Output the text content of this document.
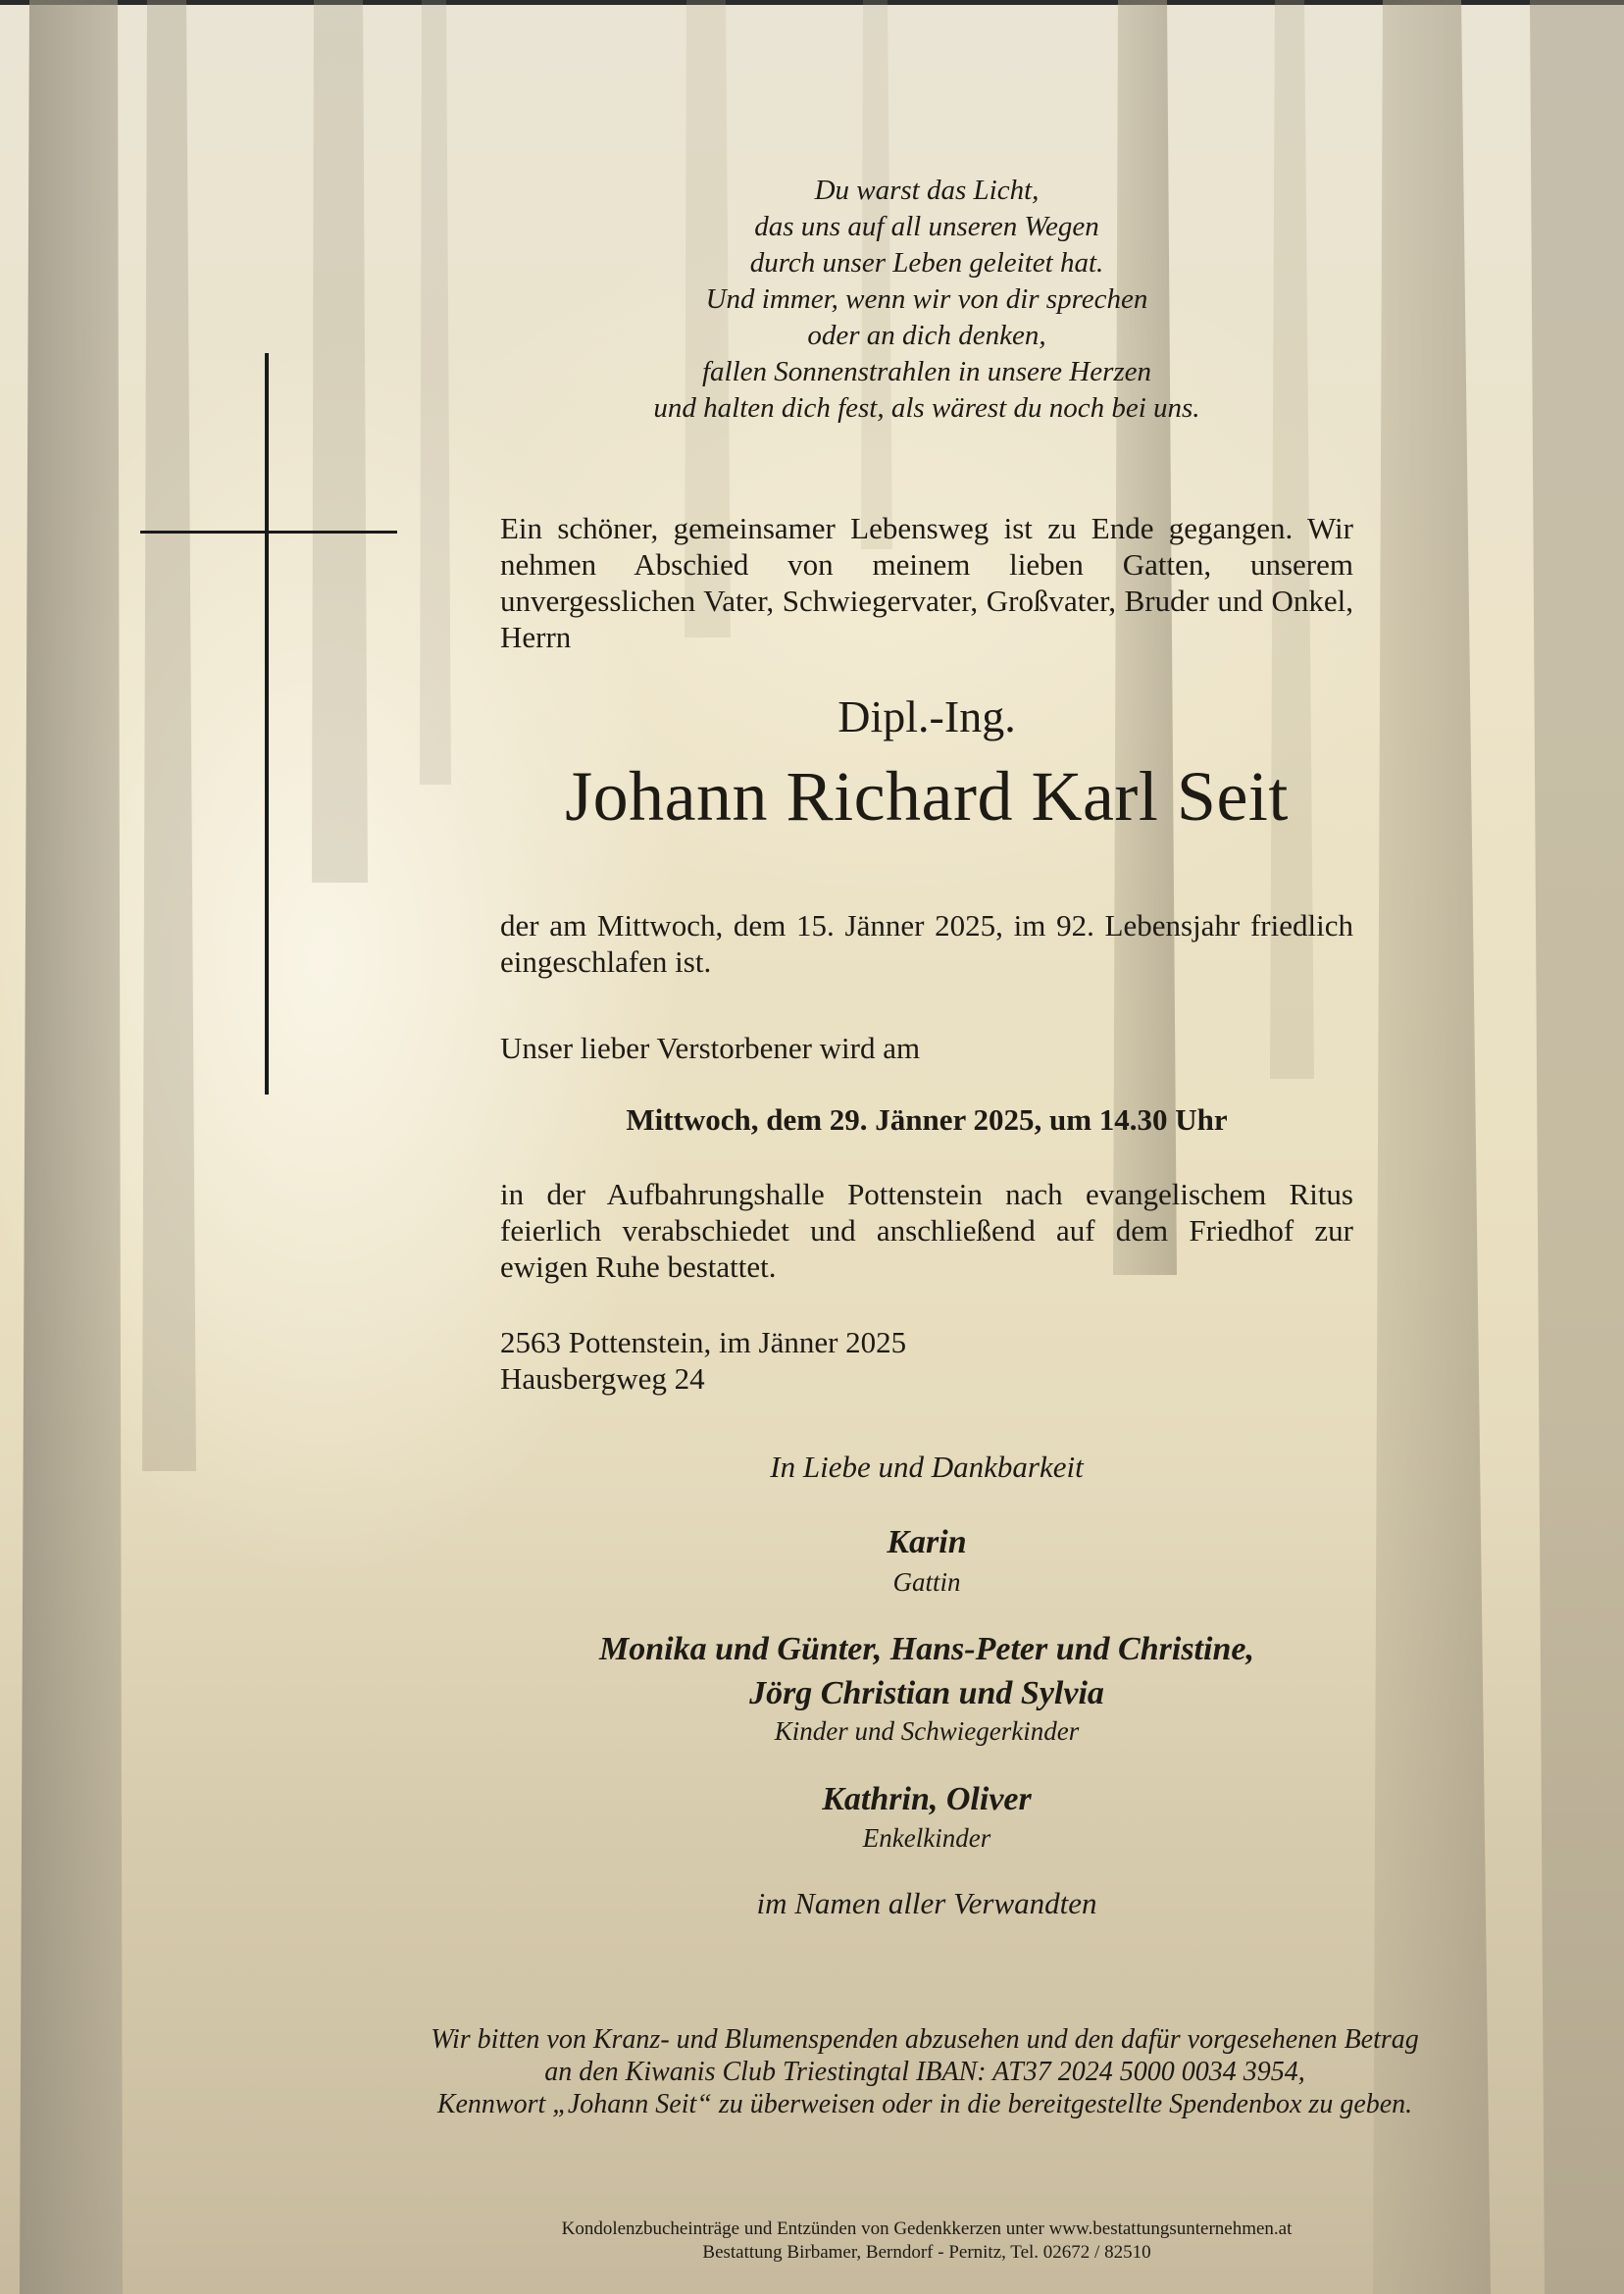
Du warst das Licht,
das uns auf all unseren Wegen
durch unser Leben geleitet hat.
Und immer, wenn wir von dir sprechen
oder an dich denken,
fallen Sonnenstrahlen in unsere Herzen
und halten dich fest, als wärest du noch bei uns.
Ein schöner, gemeinsamer Lebensweg ist zu Ende gegangen. Wir nehmen Abschied von meinem lieben Gatten, unserem unvergesslichen Vater, Schwiegervater, Großvater, Bruder und Onkel, Herrn
Dipl.-Ing.
Johann Richard Karl Seit
der am Mittwoch, dem 15. Jänner 2025, im 92. Lebensjahr friedlich eingeschlafen ist.
Unser lieber Verstorbener wird am
Mittwoch, dem 29. Jänner 2025, um 14.30 Uhr
in der Aufbahrungshalle Pottenstein nach evangelischem Ritus feierlich verabschiedet und anschließend auf dem Friedhof zur ewigen Ruhe bestattet.
2563 Pottenstein, im Jänner 2025
Hausbergweg 24
In Liebe und Dankbarkeit
Karin
Gattin
Monika und Günter, Hans-Peter und Christine,
Jörg Christian und Sylvia
Kinder und Schwiegerkinder
Kathrin, Oliver
Enkelkinder
im Namen aller Verwandten
Wir bitten von Kranz- und Blumenspenden abzusehen und den dafür vorgesehenen Betrag
an den Kiwanis Club Triestingtal IBAN: AT37 2024 5000 0034 3954,
Kennwort „Johann Seit“ zu überweisen oder in die bereitgestellte Spendenbox zu geben.
Kondolenzbucheinträge und Entzünden von Gedenkkerzen unter www.bestattungsunternehmen.at
Bestattung Birbamer, Berndorf - Pernitz, Tel. 02672 / 82510
